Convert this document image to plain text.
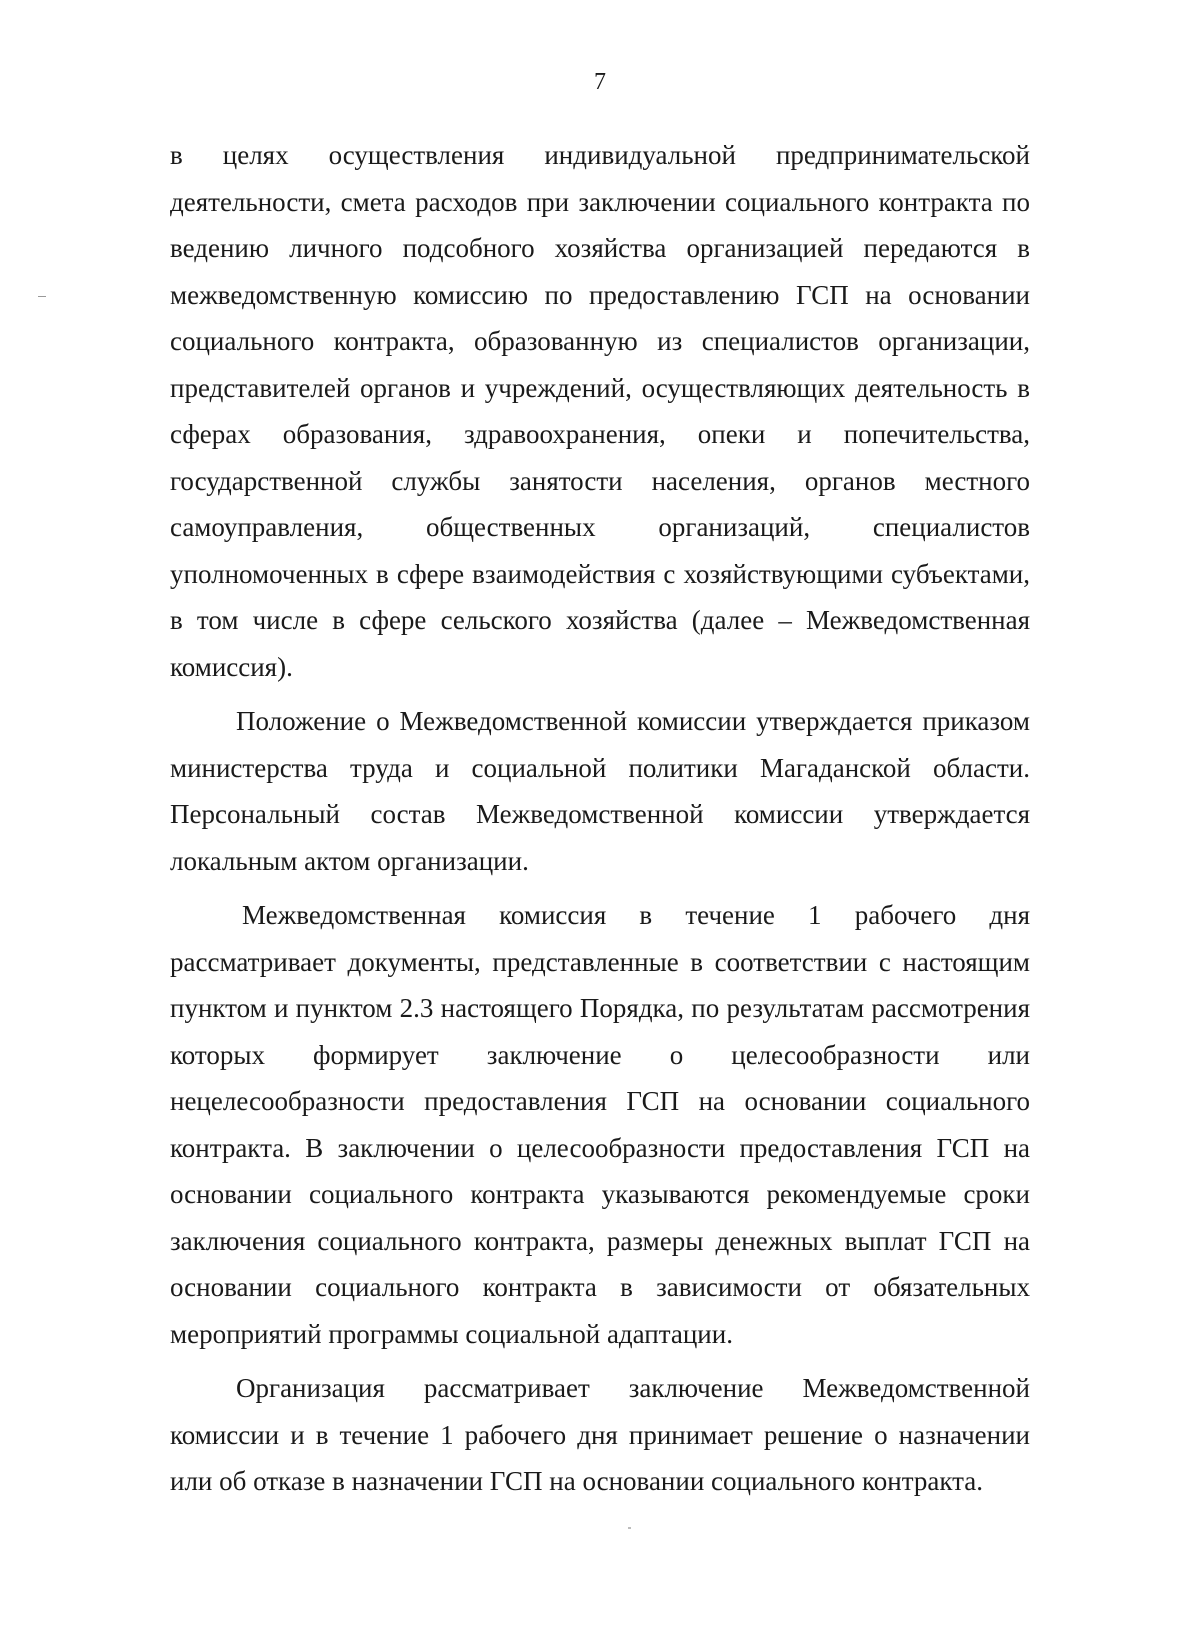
7

в целях осуществления индивидуальной предпринимательской деятельности, смета расходов при заключении социального контракта по ведению личного подсобного хозяйства организацией передаются в межведомственную комиссию по предоставлению ГСП на основании социального контракта, образованную из специалистов организации, представителей органов и учреждений, осуществляющих деятельность в сферах образования, здравоохранения, опеки и попечительства, государственной службы занятости населения, органов местного самоуправления, общественных организаций, специалистов уполномоченных в сфере взаимодействия с хозяйствующими субъектами, в том числе в сфере сельского хозяйства (далее – Межведомственная комиссия).

Положение о Межведомственной комиссии утверждается приказом министерства труда и социальной политики Магаданской области. Персональный состав Межведомственной комиссии утверждается локальным актом организации.

Межведомственная комиссия в течение 1 рабочего дня рассматривает документы, представленные в соответствии с настоящим пунктом и пунктом 2.3 настоящего Порядка, по результатам рассмотрения которых формирует заключение о целесообразности или нецелесообразности предоставления ГСП на основании социального контракта. В заключении о целесообразности предоставления ГСП на основании социального контракта указываются рекомендуемые сроки заключения социального контракта, размеры денежных выплат ГСП на основании социального контракта в зависимости от обязательных мероприятий программы социальной адаптации.

Организация рассматривает заключение Межведомственной комиссии и в течение 1 рабочего дня принимает решение о назначении или об отказе в назначении ГСП на основании социального контракта.
